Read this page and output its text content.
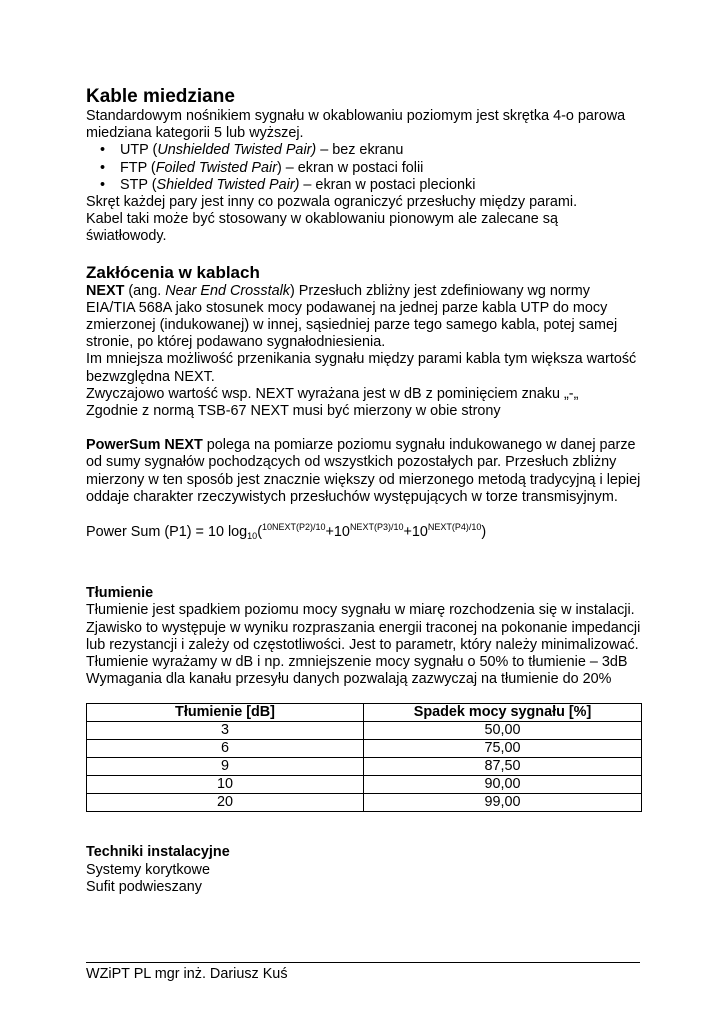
Kable miedziane

Standardowym nośnikiem sygnału w okablowaniu poziomym jest skrętka 4-o parowa miedziana kategorii 5 lub wyższej.

• UTP (Unshielded Twisted Pair) – bez ekranu
• FTP (Foiled Twisted Pair) – ekran w postaci folii
• STP (Shielded Twisted Pair) – ekran w postaci plecionki

Skręt każdej pary jest inny co pozwala ograniczyć przesłuchy między parami.

Kabel taki może być stosowany w okablowaniu pionowym ale zalecane są światłowody.

Zakłócenia w kablach

NEXT (ang. Near End Crosstalk) Przesłuch zbliżny jest zdefiniowany wg normy EIA/TIA 568A jako stosunek mocy podawanej na jednej parze kabla UTP do mocy zmierzonej (indukowanej) w innej, sąsiedniej parze tego samego kabla, potej samej stronie, po której podawano sygnałodniesienia.

Im mniejsza możliwość przenikania sygnału między parami kabla tym większa wartość bezwzględna NEXT.

Zwyczajowo wartość wsp. NEXT wyrażana jest w dB z pominięciem znaku „-„

Zgodnie z normą TSB-67 NEXT musi być mierzony w obie strony

PowerSum NEXT polega na pomiarze poziomu sygnału indukowanego w danej parze od sumy sygnałów pochodzących od wszystkich pozostałych par. Przesłuch zbliżny mierzony w ten sposób jest znacznie większy od mierzonego metodą tradycyjną i lepiej oddaje charakter rzeczywistych przesłuchów występujących w torze transmisyjnym.

Power Sum (P1) = 10 $\log_{10}(^{10NEXT(P2)/10}+10^{NEXT(P3)/10}+10^{NEXT(P4)/10})$

Tłumienie

Tłumienie jest spadkiem poziomu mocy sygnału w miarę rozchodzenia się w instalacji. Zjawisko to występuje w wyniku rozpraszania energii traconej na pokonanie impedancji lub rezystancji i zależy od częstotliwości. Jest to parametr, który należy minimalizować.

Tłumienie wyrażamy w dB i np. zmniejszenie mocy sygnału o 50% to tłumienie – 3dB

Wymagania dla kanału przesyłu danych pozwalają zazwyczaj na tłumienie do 20%

Tłumienie [dB]	Spadek mocy sygnału [%]
3	50,00
6	75,00
9	87,50
10	90,00
20	99,00
Techniki instalacyjne

Systemy korytkowe

Sufit podwieszany

WZiPT PL mgr inż. Dariusz Kuś
